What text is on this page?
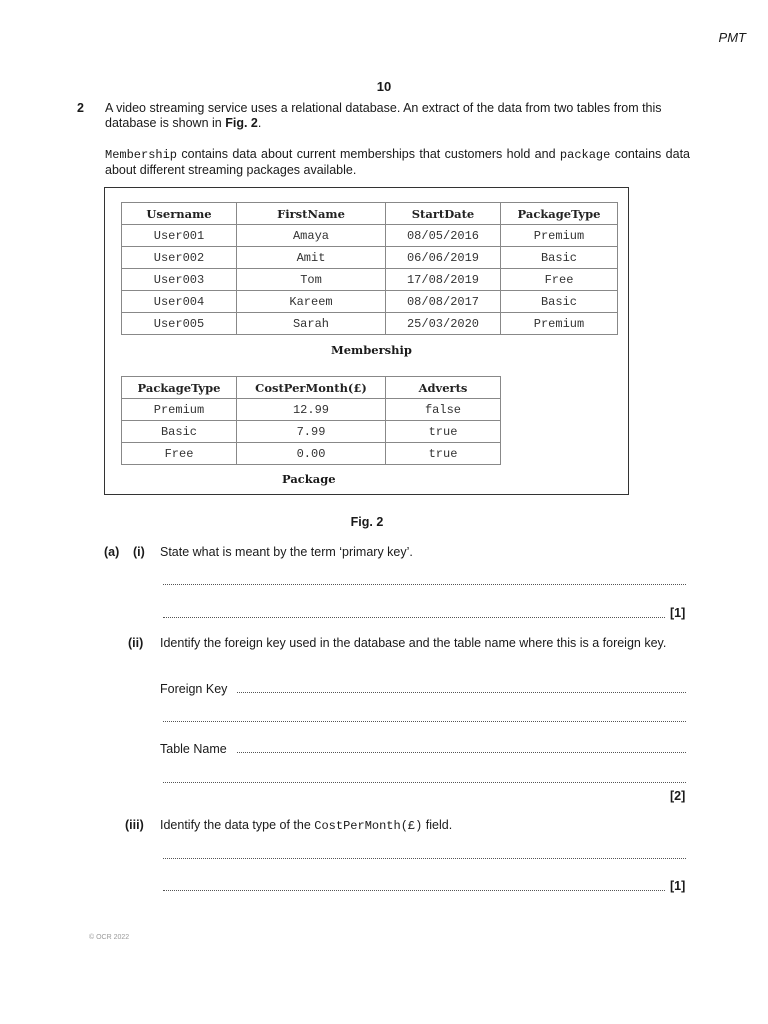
PMT
10
2 A video streaming service uses a relational database. An extract of the data from two tables from this database is shown in Fig. 2.
Membership contains data about current memberships that customers hold and package contains data about different streaming packages available.
Username	FirstName	StartDate	PackageType
User001	Amaya	08/05/2016	Premium
User002	Amit	06/06/2019	Basic
User003	Tom	17/08/2019	Free
User004	Kareem	08/08/2017	Basic
User005	Sarah	25/03/2020	Premium
Membership
PackageType	CostPerMonth(£)	Adverts
Premium	12.99	false
Basic	7.99	true
Free	0.00	true
Package
Fig. 2
(a) (i) State what is meant by the term ‘primary key’.
[1]
(ii) Identify the foreign key used in the database and the table name where this is a foreign key.
Foreign Key
Table Name
[2]
(iii) Identify the data type of the CostPerMonth(£) field.
[1]
© OCR 2022
